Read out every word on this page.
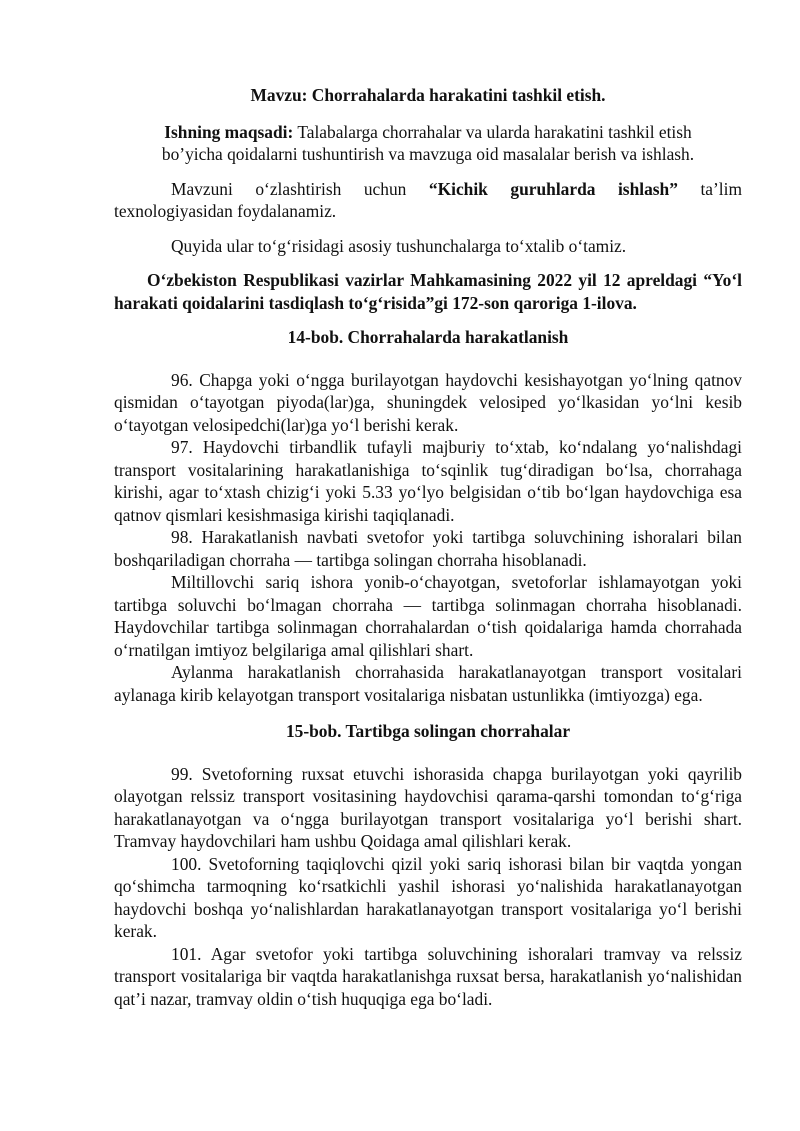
Mavzu: Chorrahalarda harakatini tashkil etish.

Ishning maqsadi: Talabalarga chorrahalar va ularda harakatini tashkil etish bo’yicha qoidalarni tushuntirish va mavzuga oid masalalar berish va ishlash.

Mavzuni o‘zlashtirish uchun “Kichik guruhlarda ishlash” ta’lim texnologiyasidan foydalanamiz.

Quyida ular to‘g‘risidagi asosiy tushunchalarga to‘xtalib o‘tamiz.

O‘zbekiston Respublikasi vazirlar Mahkamasining 2022 yil 12 apreldagi “Yo‘l harakati qoidalarini tasdiqlash to‘g‘risida”gi 172-son qaroriga 1-ilova.

14-bob. Chorrahalarda harakatlanish

96. Chapga yoki o‘ngga burilayotgan haydovchi kesishayotgan yo‘lning qatnov qismidan o‘tayotgan piyoda(lar)ga, shuningdek velosiped yo‘lkasidan yo‘lni kesib o‘tayotgan velosipedchi(lar)ga yo‘l berishi kerak.

97. Haydovchi tirbandlik tufayli majburiy to‘xtab, ko‘ndalang yo‘nalishdagi transport vositalarining harakatlanishiga to‘sqinlik tug‘diradigan bo‘lsa, chorrahaga kirishi, agar to‘xtash chizig‘i yoki 5.33 yo‘lyo belgisidan o‘tib bo‘lgan haydovchiga esa qatnov qismlari kesishmasiga kirishi taqiqlanadi.

98. Harakatlanish navbati svetofor yoki tartibga soluvchining ishoralari bilan boshqariladigan chorraha — tartibga solingan chorraha hisoblanadi.

Miltillovchi sariq ishora yonib-o‘chayotgan, svetoforlar ishlamayotgan yoki tartibga soluvchi bo‘lmagan chorraha — tartibga solinmagan chorraha hisoblanadi. Haydovchilar tartibga solinmagan chorrahalardan o‘tish qoidalariga hamda chorrahada o‘rnatilgan imtiyoz belgilariga amal qilishlari shart.

Aylanma harakatlanish chorrahasida harakatlanayotgan transport vositalari aylanaga kirib kelayotgan transport vositalariga nisbatan ustunlikka (imtiyozga) ega.

15-bob. Tartibga solingan chorrahalar

99. Svetoforning ruxsat etuvchi ishorasida chapga burilayotgan yoki qayrilib olayotgan relssiz transport vositasining haydovchisi qarama-qarshi tomondan to‘g‘riga harakatlanayotgan va o‘ngga burilayotgan transport vositalariga yo‘l berishi shart. Tramvay haydovchilari ham ushbu Qoidaga amal qilishlari kerak.

100. Svetoforning taqiqlovchi qizil yoki sariq ishorasi bilan bir vaqtda yongan qo‘shimcha tarmoqning ko‘rsatkichli yashil ishorasi yo‘nalishida harakatlanayotgan haydovchi boshqa yo‘nalishlardan harakatlanayotgan transport vositalariga yo‘l berishi kerak.

101. Agar svetofor yoki tartibga soluvchining ishoralari tramvay va relssiz transport vositalariga bir vaqtda harakatlanishga ruxsat bersa, harakatlanish yo‘nalishidan qat’i nazar, tramvay oldin o‘tish huquqiga ega bo‘ladi.
